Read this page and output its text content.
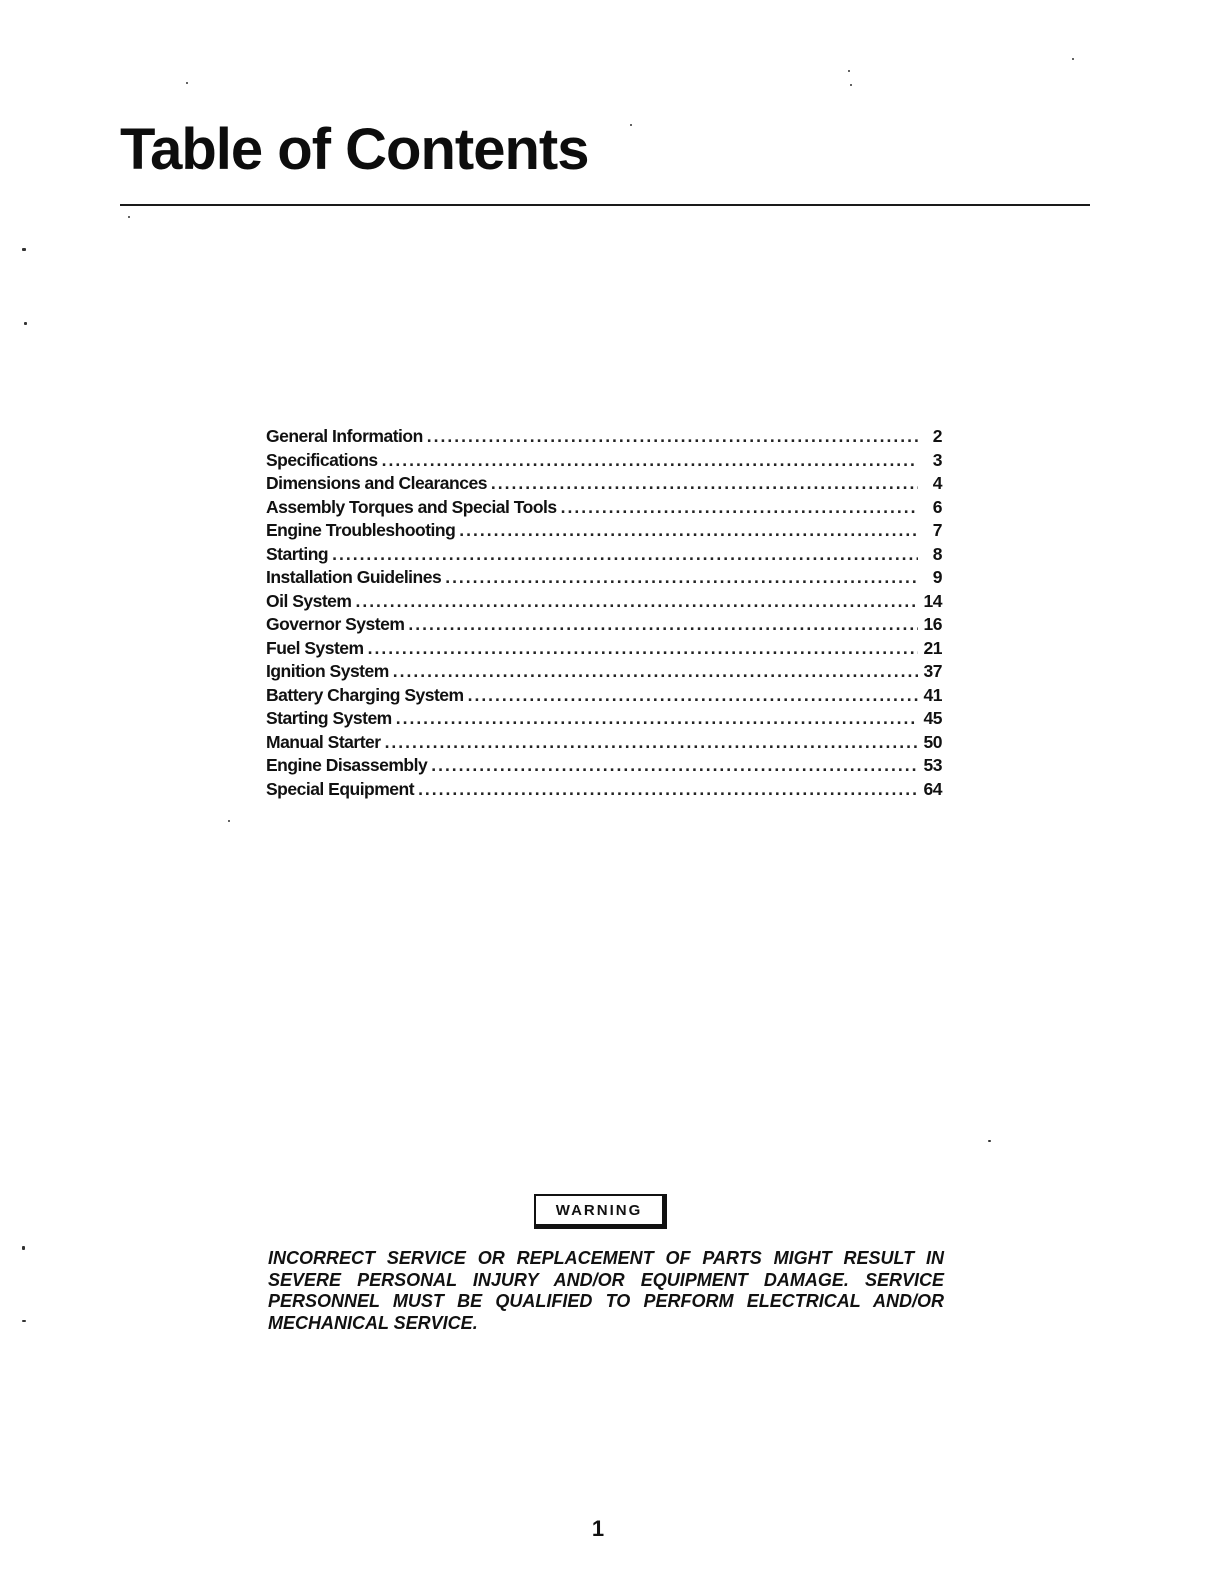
Table of Contents
General Information .....	2
Specifications .....	3
Dimensions and Clearances .....	4
Assembly Torques and Special Tools .....	6
Engine Troubleshooting .....	7
Starting .....	8
Installation Guidelines .....	9
Oil System .....	14
Governor System .....	16
Fuel System .....	21
Ignition System .....	37
Battery Charging System .....	41
Starting System .....	45
Manual Starter .....	50
Engine Disassembly .....	53
Special Equipment .....	64
WARNING

INCORRECT SERVICE OR REPLACEMENT OF PARTS MIGHT RESULT IN SEVERE PERSONAL INJURY AND/OR EQUIPMENT DAMAGE. SERVICE PERSONNEL MUST BE QUALIFIED TO PERFORM ELECTRICAL AND/OR MECHANICAL SERVICE.

1
